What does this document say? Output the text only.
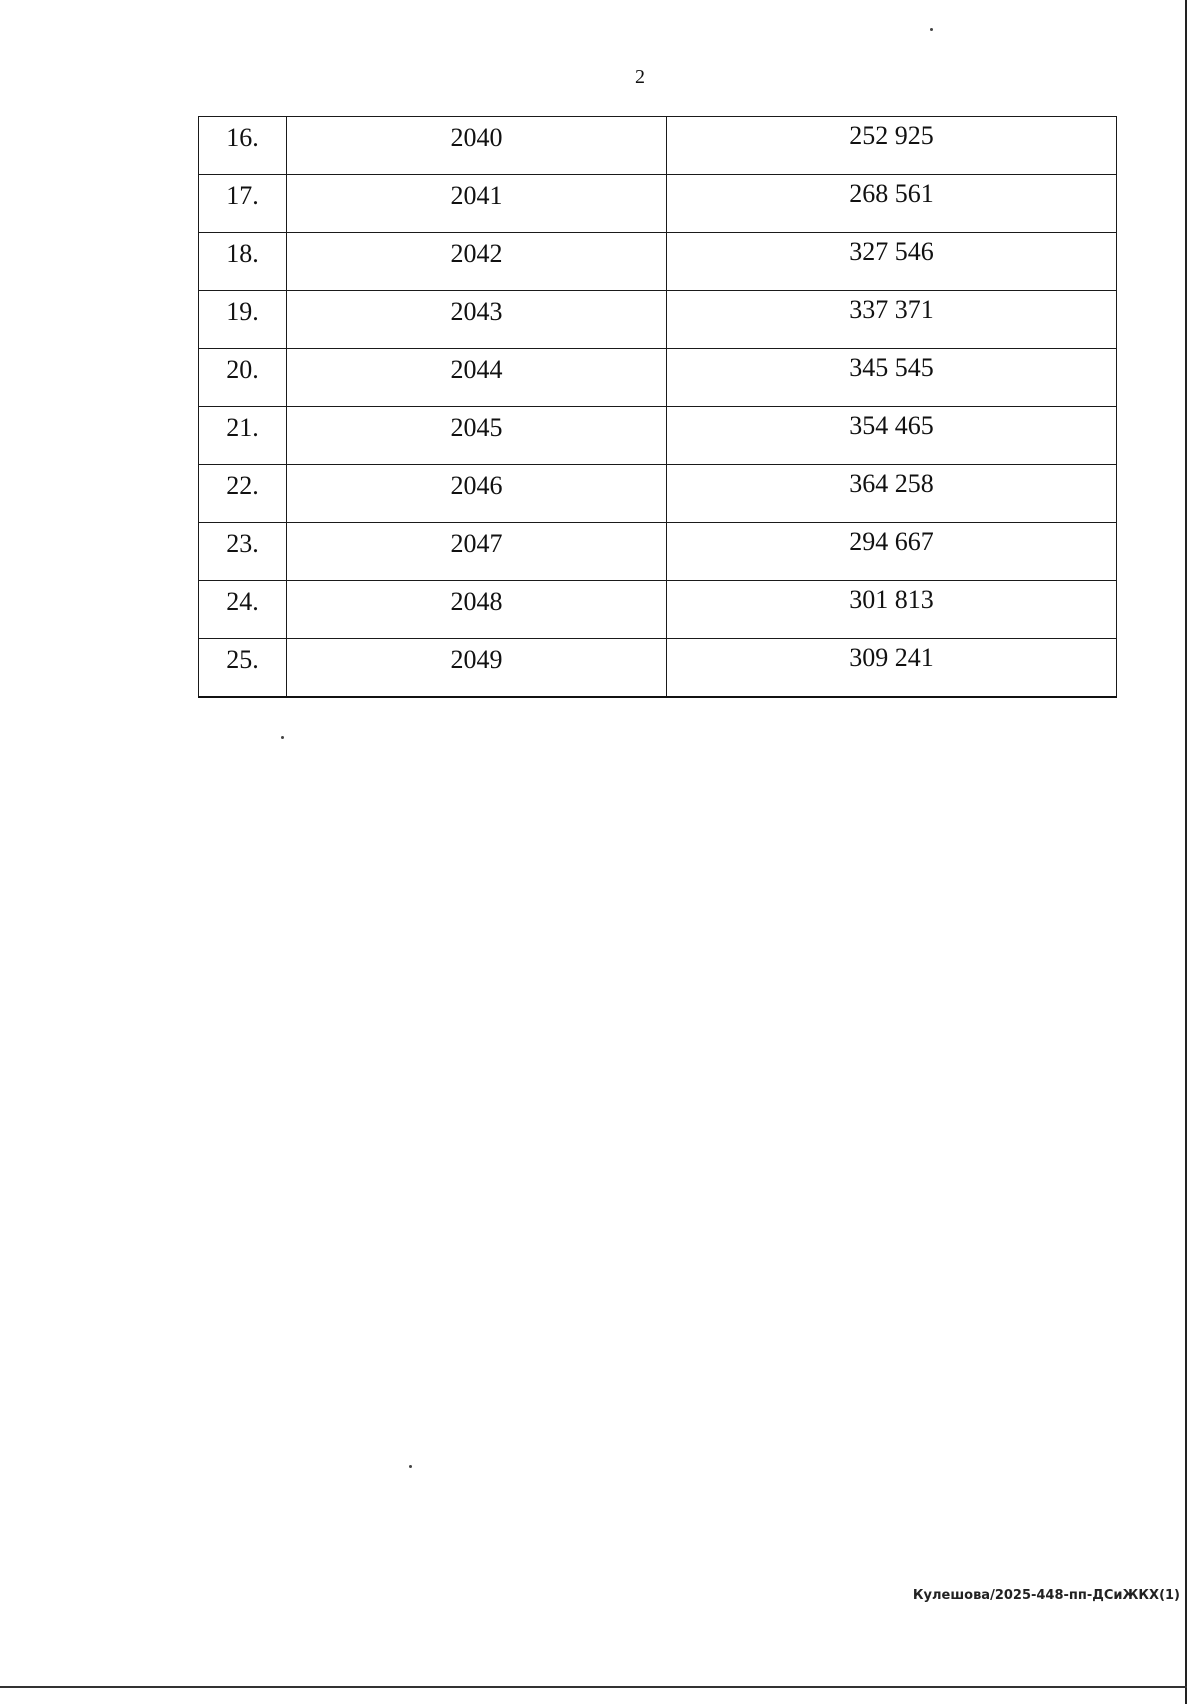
2
16.	2040	252 925
17.	2041	268 561
18.	2042	327 546
19.	2043	337 371
20.	2044	345 545
21.	2045	354 465
22.	2046	364 258
23.	2047	294 667
24.	2048	301 813
25.	2049	309 241
Кулешова/2025-448-пп-ДСиЖКХ(1)
